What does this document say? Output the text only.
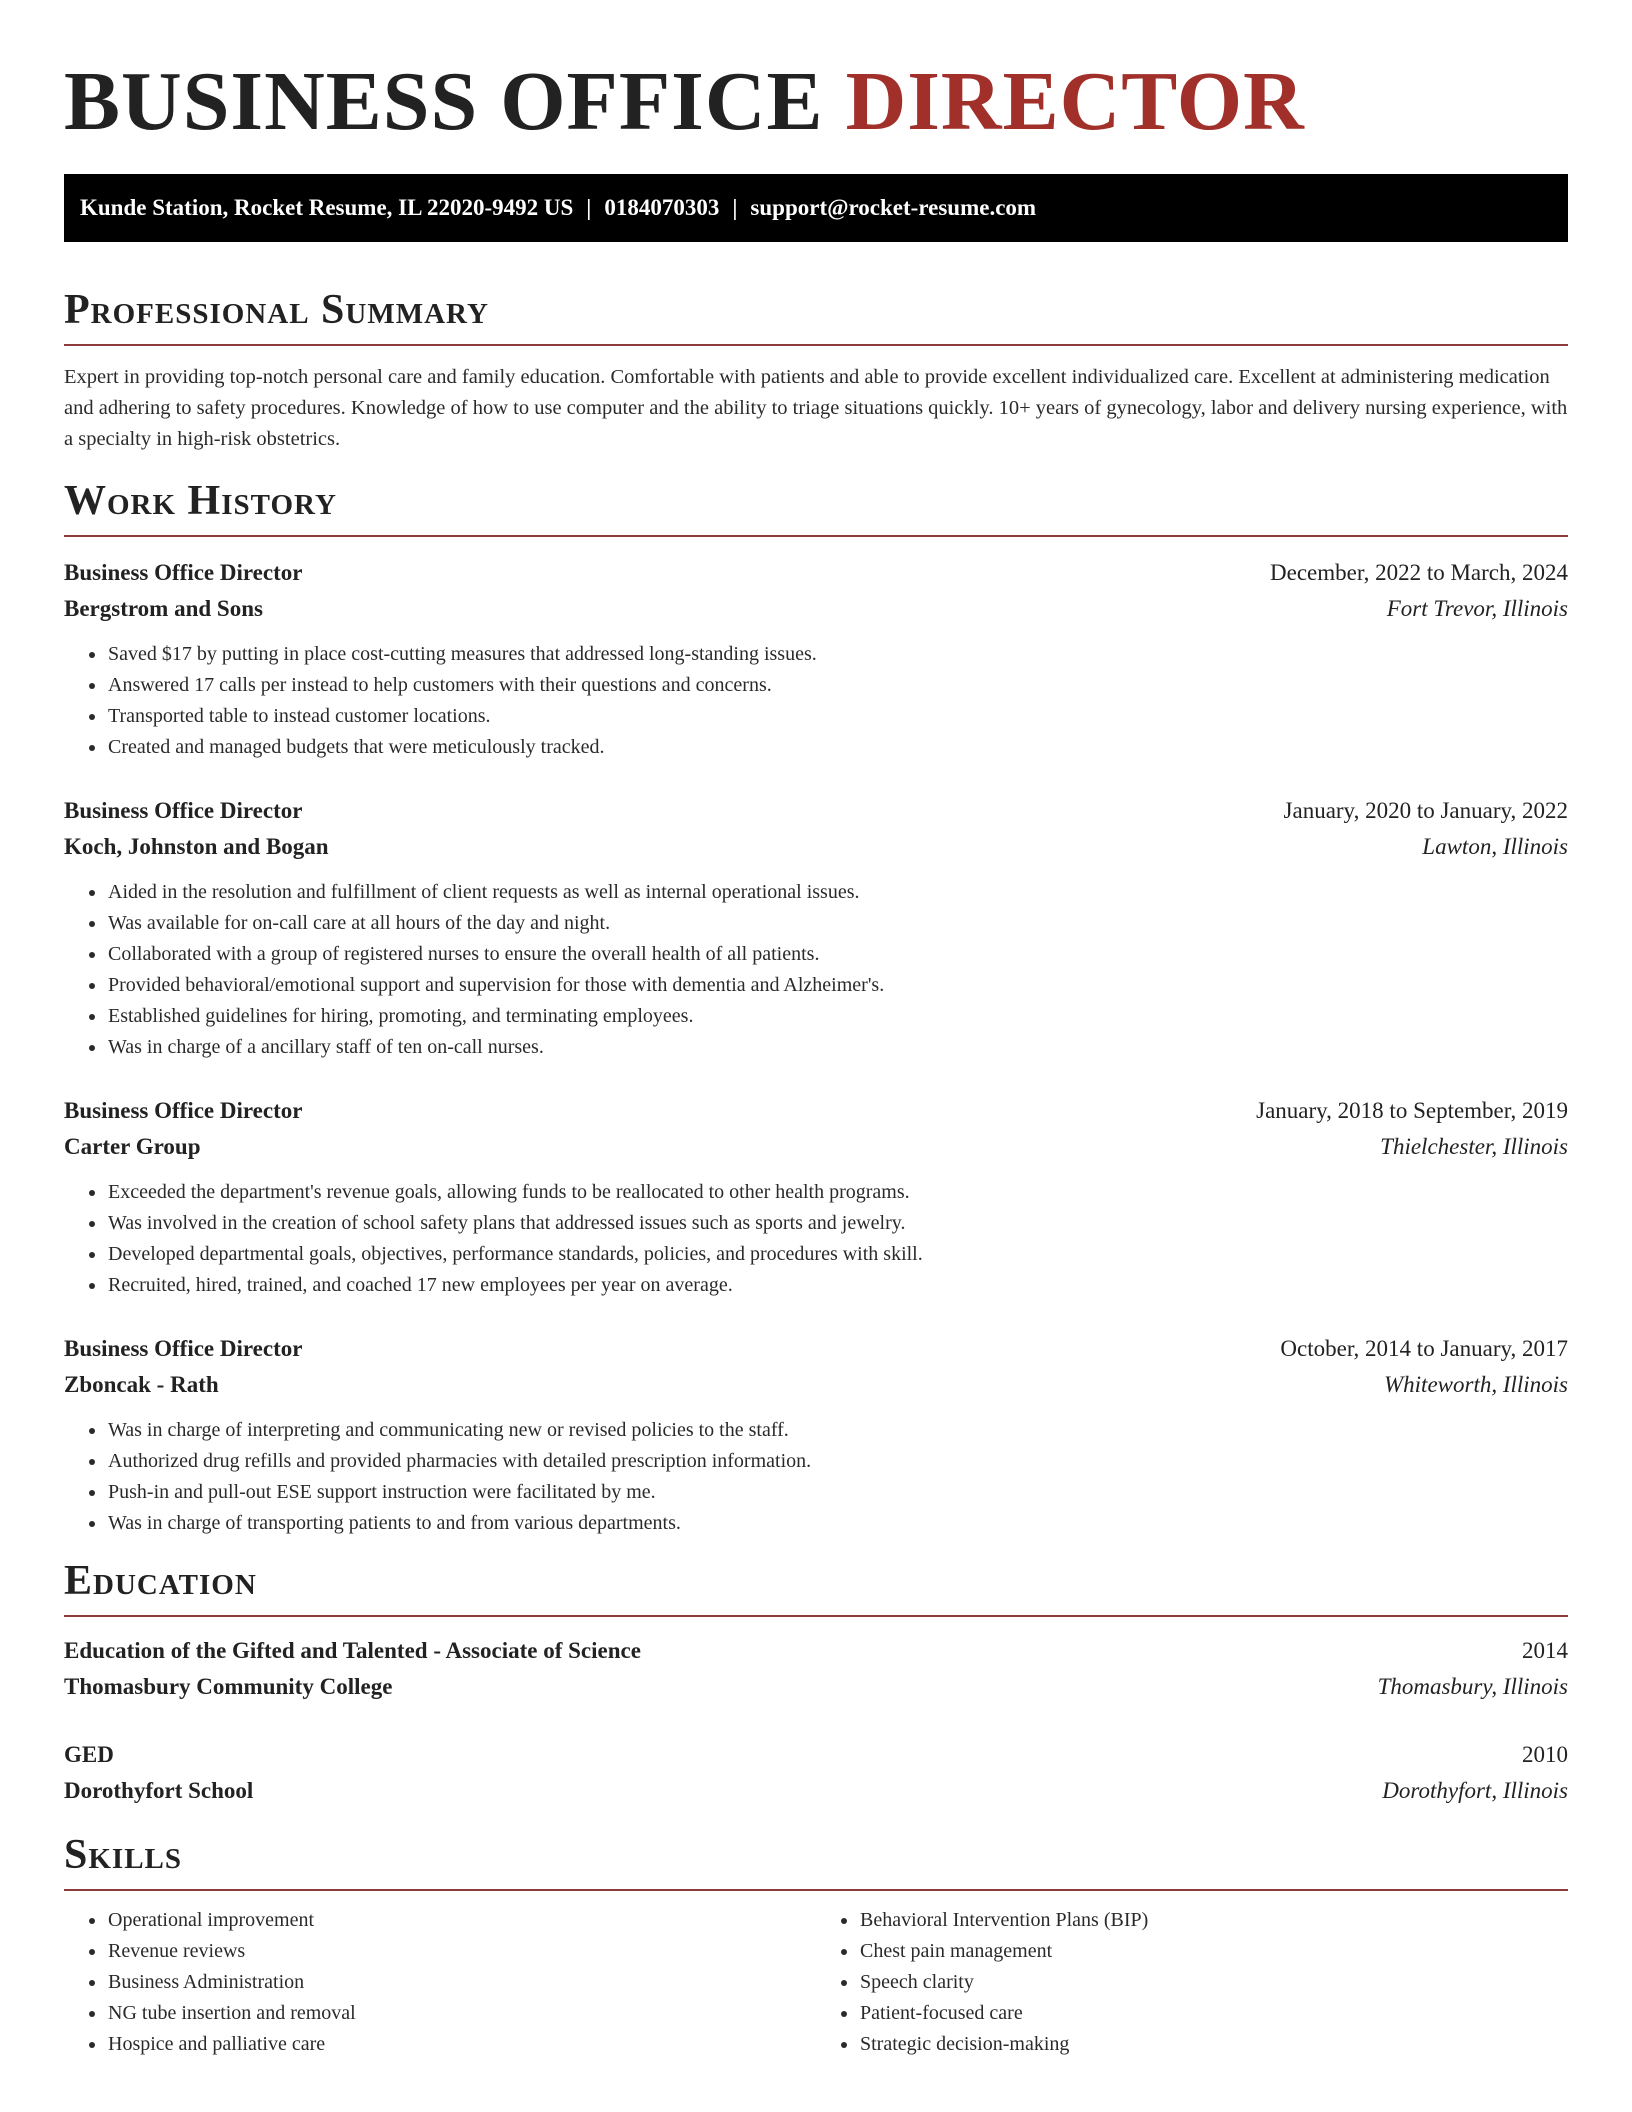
BUSINESS OFFICE DIRECTOR
Kunde Station, Rocket Resume, IL 22020-9492 US | 0184070303 | support@rocket-resume.com
Professional Summary
Expert in providing top-notch personal care and family education. Comfortable with patients and able to provide excellent individualized care. Excellent at administering medication and adhering to safety procedures. Knowledge of how to use computer and the ability to triage situations quickly. 10+ years of gynecology, labor and delivery nursing experience, with a specialty in high-risk obstetrics.
Work History
Business Office Director	December, 2022 to March, 2024
Bergstrom and Sons	Fort Trevor, Illinois
• Saved $17 by putting in place cost-cutting measures that addressed long-standing issues.
• Answered 17 calls per instead to help customers with their questions and concerns.
• Transported table to instead customer locations.
• Created and managed budgets that were meticulously tracked.
Business Office Director	January, 2020 to January, 2022
Koch, Johnston and Bogan	Lawton, Illinois
• Aided in the resolution and fulfillment of client requests as well as internal operational issues.
• Was available for on-call care at all hours of the day and night.
• Collaborated with a group of registered nurses to ensure the overall health of all patients.
• Provided behavioral/emotional support and supervision for those with dementia and Alzheimer's.
• Established guidelines for hiring, promoting, and terminating employees.
• Was in charge of a ancillary staff of ten on-call nurses.
Business Office Director	January, 2018 to September, 2019
Carter Group	Thielchester, Illinois
• Exceeded the department's revenue goals, allowing funds to be reallocated to other health programs.
• Was involved in the creation of school safety plans that addressed issues such as sports and jewelry.
• Developed departmental goals, objectives, performance standards, policies, and procedures with skill.
• Recruited, hired, trained, and coached 17 new employees per year on average.
Business Office Director	October, 2014 to January, 2017
Zboncak - Rath	Whiteworth, Illinois
• Was in charge of interpreting and communicating new or revised policies to the staff.
• Authorized drug refills and provided pharmacies with detailed prescription information.
• Push-in and pull-out ESE support instruction were facilitated by me.
• Was in charge of transporting patients to and from various departments.
Education
Education of the Gifted and Talented - Associate of Science	2014
Thomasbury Community College	Thomasbury, Illinois
GED	2010
Dorothyfort School	Dorothyfort, Illinois
Skills
• Operational improvement
• Revenue reviews
• Business Administration
• NG tube insertion and removal
• Hospice and palliative care
• Behavioral Intervention Plans (BIP)
• Chest pain management
• Speech clarity
• Patient-focused care
• Strategic decision-making
